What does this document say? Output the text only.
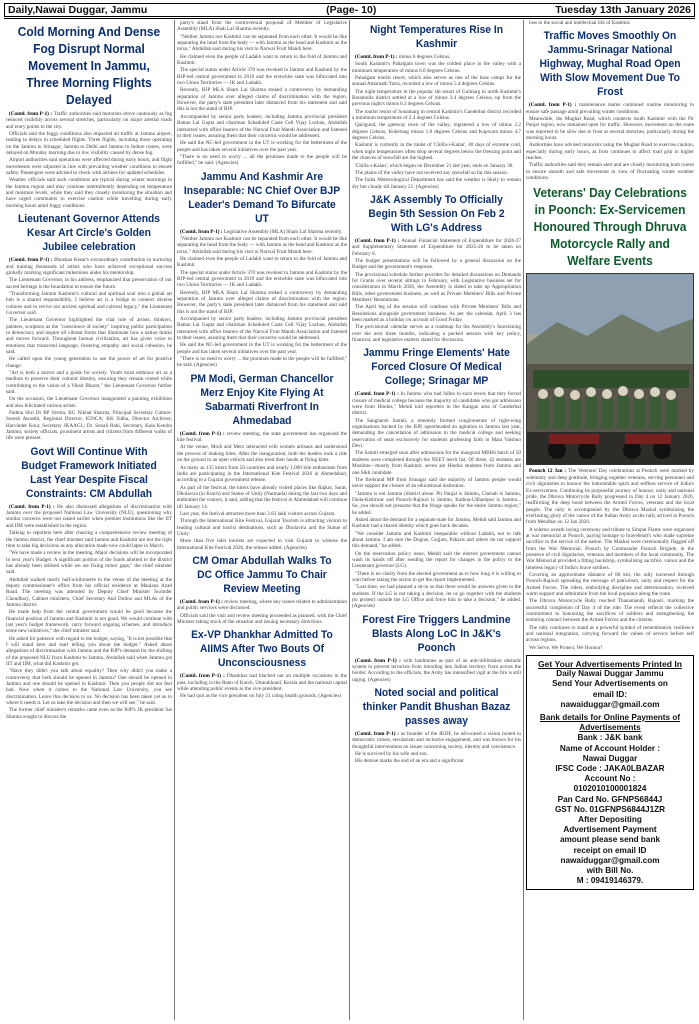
Daily,Nawai Duggar, Jammu	(Page- 10)	Tuesday 13th January 2026
Cold Morning And Dense Fog Disrupt Normal Movement In Jammu, Three Morning Flights Delayed

(Contd. from P-1) : Traffic authorities said motorists drove cautiously as fog reduced visibility across several stretches, particularly on major arterial roads and entry points to the city.

Officials said the foggy conditions also impacted air traffic at Jammu airport, leading to delays in scheduled flights. Three flights, including those operating on the Jammu to Srinagar, Jammu to Delhi and Jammu to Indore routes, were delayed on Monday morning due to low visibility caused by dense fog.

Airport authorities said operations were affected during early hours, and flight movements were adjusted in line with prevailing weather conditions to ensure safety. Passengers were advised to check with airlines for updated schedules.

Weather officials said such conditions are typical during winter mornings in the Jammu region and may continue intermittently depending on temperature and moisture levels, while they said they closely monitoring the situation and have urged commuters to exercise caution while travelling during early morning hours amid foggy conditions.

Lieutenant Governor Attends Kesar Art Circle's Golden Jubilee celebration

(Contd. from P-1) : Bhushan Kesar's extraordinary contribution in nurturing and training thousands of artists who have achieved exceptional success globally marking significant milestones under his mentorship.

The Lieutenant Governor, in his address, emphasized that preservation of our sacred heritage is the foundation to ensure the future.

"Transforming Jammu Kashmir's cultural and spiritual soul into a global art hub is a shared responsibility. I believe art is a bridge to connect diverse cultures and to revive our ancient spiritual and cultural legacy," the Lieutenant Governor said.

The Lieutenant Governor highlighted the vital role of artists, thinkers, painters, sculptors as the "conscience of society" inspiring public participation in democracy and inspire all vibrant forms that illuminate how a nation thinks and moves forward. Throughout human civilization, art has given voice to emotions that transcend language, fostering empathy and social cohesion, he said.

He called upon the young generation to use the power of art for positive change.

"Art is both a mirror and a guide for society. Youth must embrace art as a medium to preserve their cultural identity, ensuring they remain rooted while contributing to the vision of a Viksit Bharat," the Lieutenant Governor further said.

On the occasion, the Lieutenant Governor inaugurated a painting exhibition and also felicitated various artists.

Padma Shri Dr BP Verma; BG Nikhat Sharma, Principal Secretary Culture; Suresh Awasthi, Regional Director, IGNCA; KK Sidha, Director Archives; Harvinder Kour, Secretary JKAACL; Dr. Sonali Rahi, Secretary, Kala Kendra Jammu; society officials, prominent artists and citizens from different walks of life were present.

Govt Will Continue With Budget Framework Initiated Last Year Despite Fiscal Constraints: CM Abdullah

(Contd. from P-1) : He also dismissed allegations of discrimination with Jammu over the proposed National Law University (NLU), questioning why similar concerns were not raised earlier when premier institutions like the IIT and IIM were established in the region.

Talking to reporters here after chairing a comprehensive review meeting of the Jammu district, the chief minister said Jammu and Kashmir are not the right time to take big decisions as any allocation made now could lapse in March.

"We have made a review in the meeting. Major decisions will be incorporated in next year's Budget. A significant portion of the funds allotted to the district has already been utilised while we are fixing minor gaps," the chief minister said.

Abdullah walked nearly half-a-kilometre to the venue of the meeting at the deputy commissioner's office from his official residence at Maulana Azad Road. The meeting was attended by Deputy Chief Minister Surinder Choudhary, Cabinet ministers, Chief Secretary Atal Dulloo and MLAs of the Jammu district.

He made help from the central government would be good because the financial position of Jammu and Kashmir is not good. We would continue with last year's budget framework, carry forward ongoing schemes, and introduce some new initiatives," the chief minister said.

He asked for patience with regard to the budget, saying, "It is not possible that I will stand here and start telling you about the budget." Asked about allegations of discrimination with Jammu and the BJP's demand for the shifting of the proposed NLU from Kashmir to Jammu, Abdullah said when Jammu got IIT and IIM, what did Kashmir get.

"Have they didn't you talk about equality? Then why didn't you make a controversy that both should be opened in Jammu? One should be opened in Jammu and one should be opened in Kashmir. Then you people did not feel bad. Now when it comes to the National Law University, you see discrimination. Leave this decision to us. No decision has been taken yet as to where it needs it. Let us take the decision and then we will see," he said.

The former chief minister's remarks came even as the BJP's JK president Sat Sharma sought to discuss the

party's stand from the controversial proposal of Member of Legislative Assembly (MLA) Shah Lal Sharma recently.

"Neither Jammu nor Kashmir can be separated from each other. It would be like separating the head from the body — with Jammu as the head and Kashmir as the torso," Abdullah said during his visit to Narwal Fruit Mandi here.

He claimed even the people of Ladakh want to return to the fold of Jammu and Kashmir.

The special status under Article 370 was revoked in Jammu and Kashmir by the BJP-led central government in 2019 and the erstwhile state was bifurcated into two Union Territories — JK and Ladakh.

Recently, BJP MLA Sham Lal Sharma stoked a controversy by demanding separation of Jammu over alleged claims of discrimination with the region. However, the party's state president later distanced from his statement and said this is not the stand of BJP.

Accompanied by senior party leaders, including Jammu provincial president Rattan Lal Gupta and chairman Scheduled Caste Cell Vijay Lochan, Abdullah interacted with office bearers of the Narwal Fruit Mandi Association and listened to their issues, assuring them that their concerns would be addressed.

He said the NC-led government in the UT is working for the betterment of the people and has taken several initiatives over the past year.

"There is no need to worry ... all the promises made to the people will be fulfilled," he said. (Agencies)

Jammu And Kashmir Are Inseparable: NC Chief Over BJP Leader's Demand To Bifurcate UT

(Contd. from P-1) : Legislative Assembly (MLA) Sham Lal Sharma recently.

"Neither Jammu nor Kashmir can be separated from each other. It would be like separating the head from the body — with Jammu as the head and Kashmir as the torso," Abdullah said during his visit to Narwal Fruit Mandi here.

He claimed even the people of Ladakh want to return to the fold of Jammu and Kashmir.

The special status under Article 370 was revoked in Jammu and Kashmir by the BJP-led central government in 2019 and the erstwhile state was bifurcated into two Union Territories — JK and Ladakh.

Recently, BJP MLA Sham Lal Sharma stoked a controversy by demanding separation of Jammu over alleged claims of discrimination with the region. However, the party's state president later distanced from his statement and said this is not the stand of BJP.

Accompanied by senior party leaders, including Jammu provincial president Rattan Lal Gupta and chairman Scheduled Caste Cell Vijay Lochan, Abdullah interacted with office bearers of the Narwal Fruit Mandi Association and listened to their issues, assuring them that their concerns would be addressed.

He said the NC-led government in the UT is working for the betterment of the people and has taken several initiatives over the past year.

"There is no need to worry ... the promises made to the people will be fulfilled," he said. (Agencies)

PM Modi, German Chancellor Merz Enjoy Kite Flying At Sabarmati Riverfront In Ahmedabad

(Contd. from P-1) : review meeting, the state government has organised the kite festival.

At the venue, Modi and Merz interacted with women artisans and understood the process of making kites. After the inauguration, both the leaders took a ride on the ground in an open vehicle and also tried their hands at flying kites.

As many as 135 kiters from 50 countries and nearly 1,000 kite enthusiasts from India are participating in the International Kite Festival 2026 in Ahmedabad, according to a Gujarat government release.

As part of the festival, the kiters have already visited places like Rajkot, Surat, Dholavira (in Kutch) and Statue of Unity (Narmada) during the last two days and enthralled the visitors, it said, adding that the festival in Ahmedabad will continue till January 14.

Last year, the festival attracted more than 3.83 lakh visitors across Gujarat.

Through the International Kite Festival, Gujarat Tourism is attracting visitors to leading cultural and tourist destinations, such as Dholavira and the Statue of Unity.

More than five lakh tourists are expected to visit Gujarat to witness the International Kite Festival 2026, the release added. (Agencies)

CM Omar Abdullah Walks To DC Office Jammu To Chair Review Meeting

(Contd. from P-1) : review meeting, where key issues related to administration and public services were discussed.

Officials said the visit and review meeting proceeded as planned, with the Chief Minister taking stock of the situation and issuing necessary directions.

Ex-VP Dhankhar Admitted To AIIMS After Two Bouts Of Unconsciousness

(Contd. from P-1) : Dhankhar had blacked out on multiple occasions in the past, including in the Rann of Kutch, Uttarakhand, Kerala and the national capital while attending public events as the vice president.

He had quit as the vice president on July 21 citing health grounds. (Agencies)

Night Temperatures Rise In Kashmir

(Contd. from P-1) : minus 6 degrees Celsius.

South Kashmir's Pahalgam town was the coldest place in the valley with a minimum temperature of minus 6.0 degrees Celsius.

Pahalgam tourist resort, which also serves as one of the base camps for the annual Amarnath Yatra, recorded a low of minus 5.4 degrees Celsius.

The night temperature in the popular ski resort of Gulmarg in north Kashmir's Baramulla district settled at a low of minus 3.4 degrees Celsius, up from the previous night's minus 6.3 degrees Celsius.

The tourist resort of Sonamarg in central Kashmir's Ganderbal district recorded a minimum temperature of 2.4 degrees Celsius.

Qazigund, the gateway town of the valley, registered a low of minus 2.2 degrees Celsius, Kokernag minus 1.8 degrees Celsius and Kupwara minus 4.7 degrees Celsius.

Kashmir is currently in the midst of 'Chilla-i-Kalan', 40 days of extreme cold, when night temperatures often drop several degrees below the freezing point and the chances of snowfall are the highest.

'Chilla-i-Kalan', which began on December 21 last year, ends on January 30.

The plains of the valley have not received any snowfall so far this season.

The India Meteorological Department has said the weather is likely to remain dry but cloudy till January 21. (Agencies)

J&K Assembly To Officially Begin 5th Session On Feb 2 With LG's Address

(Contd. from P-1) : Annual Financial Statement of Expenditure for 2026-27 and Supplementary Statement of Expenditure for 2025-26 to be taken on February 6.

The budget presentations will be followed by a general discussion on the Budget and the government's response.

The provisional schedule further provides for detailed discussions on Demands for Grants over several sittings in February, with Legislative business set for consideration in March 2026, the Assembly is slated to take up Appropriation Bills, other government business, as well as Private Members' Bills and Private Members' Resolutions.

The April leg of the session will continue with Private Members' Bills and Resolutions alongside government business. As per the calendar, April 3 has been marked as a holiday on account of Good Friday.

The provisional calendar serves as a roadmap for the Assembly's functioning over the next three months, indicating a packed session with key policy, financial, and legislative matters slated for discussion.

Jammu Fringe Elements' Hate Forced Closure Of Medical College; Srinagar MP

(Contd. from P-1) : In Jammu who had fallen to such levels that they forced closure of medical college because the majority of candidates who got admission were from Hindus," Mehdi told reporters in the Kangan area of Ganderbal district.

The Sangharsh Samiti, a remotely formed conglomerate of right-wing organisations backed by the BJP, spearheaded an agitation in Jammu last year, demanding the cancellation of admission to the medical college and seeking reservation of seats exclusively for students professing faith in Mata Vaishno Devi.

The Samiti emerged soon after admissions for the inaugural MBBS batch of 50 students were completed through the NEET merit list. Of these, 42 students are Muslims—mostly from Kashmir, seven are Hindus students from Jammu and one Sikh candidate.

The firebrand MP from Srinagar said the majority of Jammu people would never support the closure of an educational institution.

"Jammu is not Jammu (district alone. Pir Panjal is Jammu, Chenab is Jammu, Doda-Kishtwar and Poonch-Rajouri is Jammu, Kathua-Udhampur is Jammu... So, you should not presume that the fringe speaks for the entire Jammu region," he added.

Asked about the demand for a separate state for Jammu, Mehdi said Jammu and Kashmir had a shared identity which goes back decades.

"We consider Jammu and Kashmir inseparable without Ladakh, not to talk about Jammu. I am sure the Dogras, Gujjars, Paharis and others do not support this demand," he added.

On the reservation policy issue, Mehdi said the elected government cannot wash its hands off after sending the report for changes in the policy to the Lieutenant governor (LG).

"There is no clarity from the elected government as to how long it is willing to wait before taking the action to get the report implemented.

"Last time, we had planned a sit-in so that there would be answers given to the students. If the LG is not taking a decision, let us go together with the students (to protest) outside the LG Office and force him to take a decision," he added. (Agencies)

Forest Fire Triggers Landmine Blasts Along LoC In J&K's Poonch

(Contd. from P-1) : with landmines as part of an anti-infiltration obstacle system to prevent terrorists from intruding into Indian territory from across the border. According to the officials, the Army has intensified vigil at the fire is still raging. (Agencies)

Noted social and political thinker Pandit Bhushan Bazaz passes away

(Contd. from P-1) : as founder of the JKDF, he advocated a vision rooted in democratic values, secularism and inclusive engagement, and was known for his thoughtful interventions on issues concerning society, identity and coexistence.

He is survived by his wife and son.

His demise marks the end of an era and a significant

loss to the social and intellectual life of Kashmir.

Traffic Moves Smoothly On Jammu-Srinagar National Highway, Mughal Road Open With Slow Movement Due To Frost

(Contd. from P-1) : maintenance teams continued routine monitoring to ensure safe passage amid prevailing winter conditions.

Meanwhile, the Mughal Road, which connects south Kashmir with the Pir Panjal region, now remained open for traffic. However, movement on the route was reported to be slow due to frost at several stretches, particularly during the morning hours.

Authorities have advised motorists using the Mughal Road to exercise caution, especially during early hours, as frost continues to affect road grip in higher reaches.

Traffic authorities said they remain alert and are closely monitoring both routes to ensure smooth and safe movement in view of fluctuating winter weather conditions.

Veterans' Day Celebrations in Poonch: Ex-Servicemen Honoured Through Dhruva Motorcycle Rally and Welfare Events

Poonch 12 Jan : The Veterans' Day celebrations at Poonch were marked by solemnity and deep gratitude, bringing together veterans, serving personnel and civil dignitaries to honour the indomitable spirit and selfless service of India's Ex-servicemen. Continuing its purposeful journey of honour, unity and national pride, the Dhruva Motorcycle Rally progressed to Day 4 on 12 January 2026, reaffirming the deep bond between the Armed Forces, veterans and the local people. The rally is accompanied by the Dhruva Mashal symbolising the everlasting glory of the valour of the Indian Army as the rally arrived at Poonch from Mendhar on 12 Jan 2026.

A solemn wreath laying ceremony and tribute to Simpal Flame were organised at war memorial at Poonch, paying homage to braveheart's who made supreme sacrifice in the service of the nation. The Mashal were ceremonially flagged off from the War Memorial, Poonch by Commander Poonch Brigade, in the presence of civil dignitaries, veterans and members of the local community. The War Memorial provided a fitting backdrop, symbolising sacrifice, valour and the timeless legacy of India's brave soldiers.

Covering an approximate distance of 80 km, the rally traversed through Poonch-Rajouri spreading the message of patriotism, unity and respect for the Armed Forces. The riders, embodying discipline and determination, received warm support and admiration from the local populace along the route.

The Dhruva Motorcycle Rally reached Thanamandi, Rajouri, marking the successful completion of Day 4 of the ride. The event reflects the collective commitment to honouring the sacrifices of soldiers and strengthening the enduring connect between the Armed Forces and the citizens.

The rally continues to stand as a powerful symbol of remembrance, resilience and national integration, carrying forward the values of service before self across regions.

We Serve, We Protect, We Honour!

Get Your Advertisements Printed In
Daily Nawai Duggar Jammu
Send Your Advertisements on
email ID:
nawaiduggar@gmail.com
Bank details for Online Payments of Advertisements
Bank : J&K bank
Name of Account Holder :
Nawai Duggar
IFSC Code : JAKA0LBAZAR
Account No :
0102010100001824
Pan Card No. GFNPS6844J
GST No. 01GFNPS6844J1ZR
After Depositing
Advertisement Payment
amount please send bank
receipt on email ID
nawaiduggar@gmail.com
with Bill No.
M : 09419146379.
